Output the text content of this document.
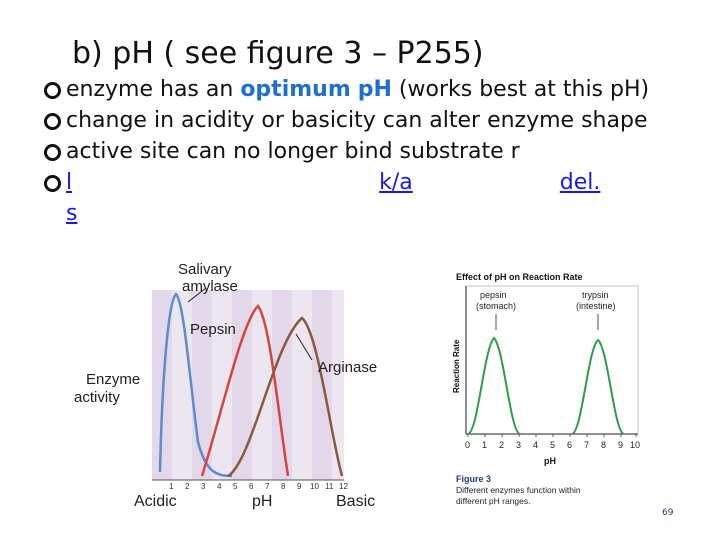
b) pH ( see figure 3 – P255)
enzyme has an optimum pH (works best at this pH)
change in acidity or basicity can alter enzyme shape
active site can no longer bind substrate r
l	k/a	del.
s
1 2 3 4 5 6 7 8 9 10 11 12
Salivary
amylase
Pepsin
Arginase
Enzyme
activity
Acidic	pH	Basic
Effect of pH on Reaction Rate
Reaction Rate
0 1 2 3 4 5 6 7 8 9 10
pH
pepsin
(stomach)
trypsin
(intestine)
Figure 3
Different enzymes function within
different pH ranges.
69
